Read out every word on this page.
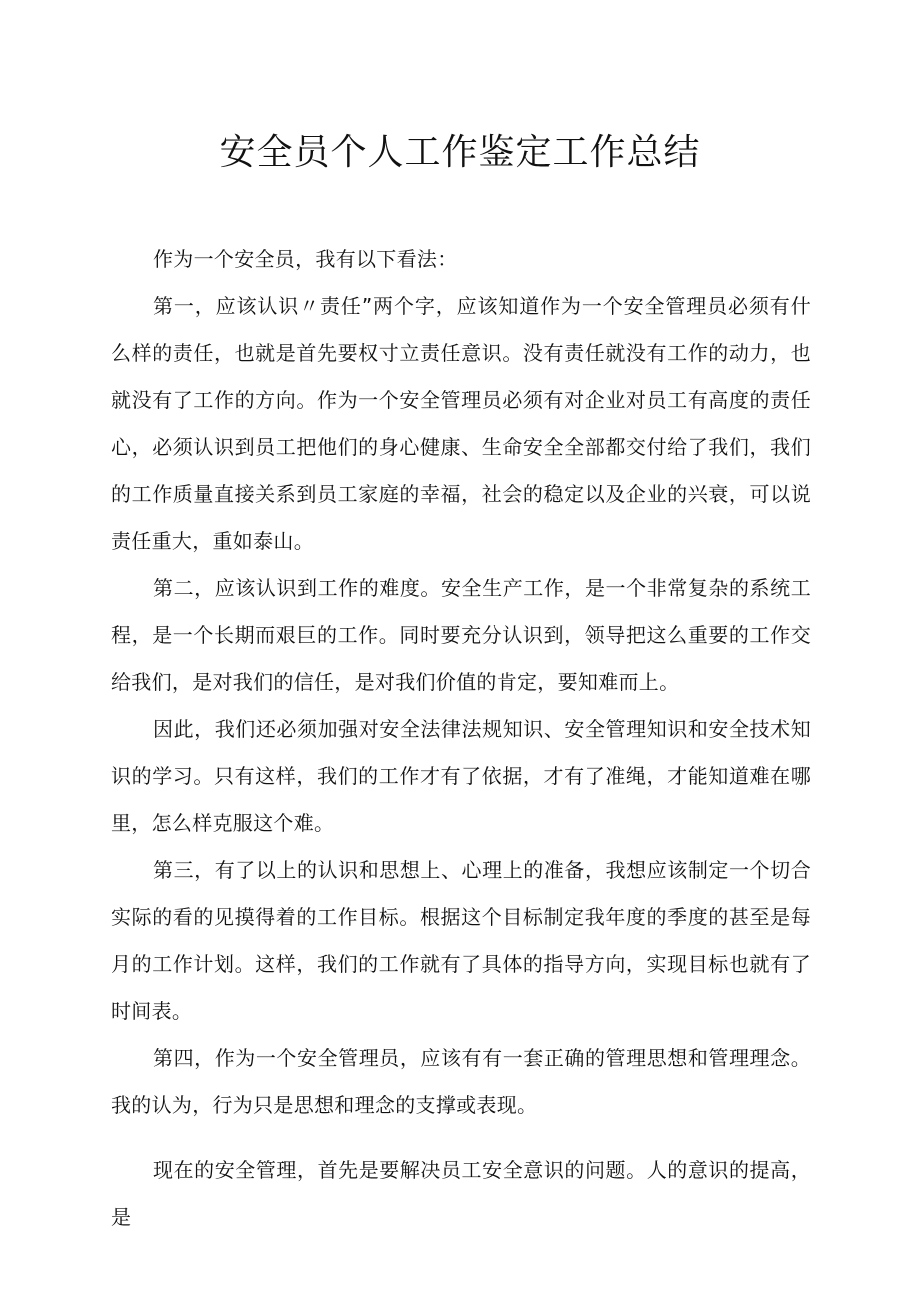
安全员个人工作鉴定工作总结

作为一个安全员，我有以下看法：

第一，应该认识〃责任”两个字，应该知道作为一个安全管理员必须有什么样的责任，也就是首先要权寸立责任意识。没有责任就没有工作的动力，也就没有了工作的方向。作为一个安全管理员必须有对企业对员工有高度的责任心，必须认识到员工把他们的身心健康、生命安全全部都交付给了我们，我们的工作质量直接关系到员工家庭的幸福，社会的稳定以及企业的兴衰，可以说责任重大，重如泰山。

第二，应该认识到工作的难度。安全生产工作，是一个非常复杂的系统工程，是一个长期而艰巨的工作。同时要充分认识到，领导把这么重要的工作交给我们，是对我们的信任，是对我们价值的肯定，要知难而上。

因此，我们还必须加强对安全法律法规知识、安全管理知识和安全技术知识的学习。只有这样，我们的工作才有了依据，才有了准绳，才能知道难在哪里，怎么样克服这个难。

第三，有了以上的认识和思想上、心理上的准备，我想应该制定一个切合实际的看的见摸得着的工作目标。根据这个目标制定我年度的季度的甚至是每月的工作计划。这样，我们的工作就有了具体的指导方向，实现目标也就有了时间表。

第四，作为一个安全管理员，应该有有一套正确的管理思想和管理理念。我的认为，行为只是思想和理念的支撑或表现。

现在的安全管理，首先是要解决员工安全意识的问题。人的意识的提高，是
